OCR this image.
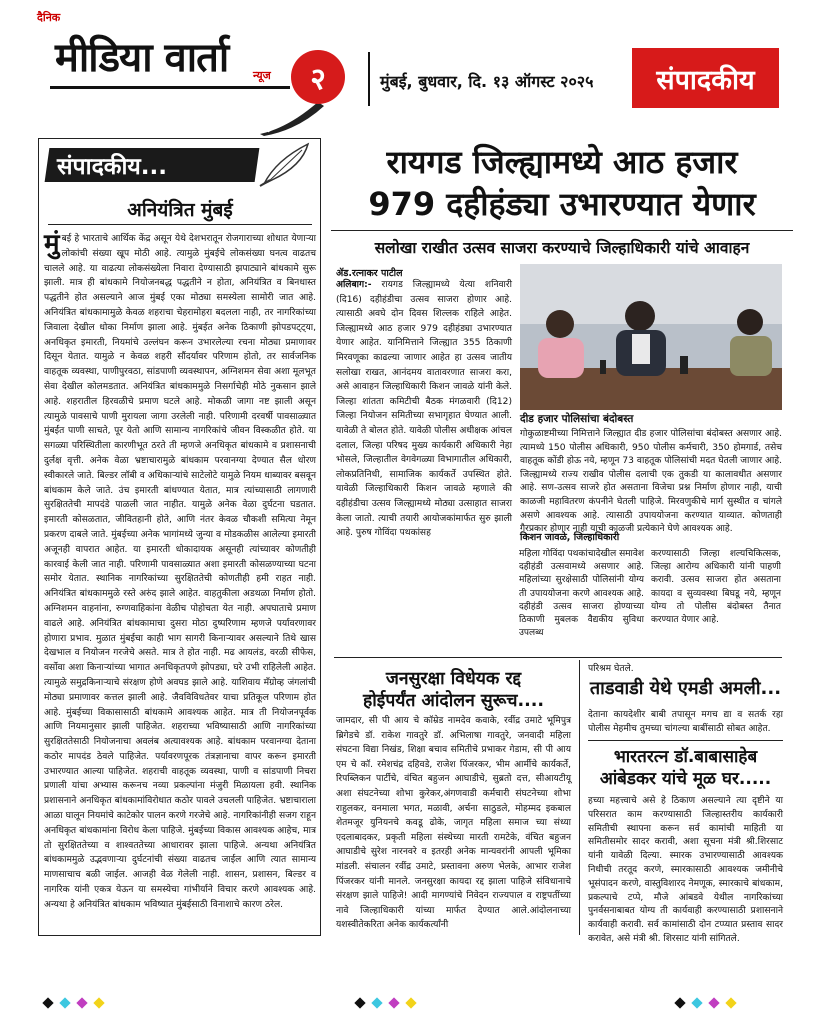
दैनिक
मीडिया वार्ता न्यूज	२	मुंबई, बुधवार, दि. १३ ऑगस्ट २०२५	संपादकीय
संपादकीय...
अनियंत्रित मुंबई
मुंबई हे भारताचे आर्थिक केंद्र असून येथे देशभरातून रोजगाराच्या शोधात येणाऱ्या लोकांची संख्या खूप मोठी आहे. त्यामुळे मुंबईचे लोकसंख्या घनत्व वाढतच चालले आहे. या वाढत्या लोकसंख्येला निवारा देण्यासाठी झपाट्याने बांधकामे सुरू झाली. मात्र ही बांधकामे नियोजनबद्ध पद्धतीने न होता, अनियंत्रित व बिनधास्त पद्धतीने होत असल्याने आज मुंबई एका मोठ्या समस्येला सामोरी जात आहे. अनियंत्रित बांधकामामुळे केवळ शहराचा चेहरामोहरा बदलला नाही, तर नागरिकांच्या जिवाला देखील धोका निर्माण झाला आहे. मुंबईत अनेक ठिकाणी झोपडपट्ट्या, अनधिकृत इमारती, नियमांचे उल्लंघन करून उभारलेल्या रचना मोठ्या प्रमाणावर दिसून येतात. यामुळे न केवळ शहरी सौंदर्यावर परिणाम होतो, तर सार्वजनिक वाहतूक व्यवस्था, पाणीपुरवठा, सांडपाणी व्यवस्थापन, अग्निशमन सेवा अशा मूलभूत सेवा देखील कोलमडतात. अनियंत्रित बांधकाममुळे निसर्गाचेही मोठे नुकसान झाले आहे. शहरातील हिरवळीचे प्रमाण घटले आहे. मोकळी जागा नष्ट झाली असून त्यामुळे पावसाचे पाणी मुरायला जागा उरलेली नाही. परिणामी दरवर्षी पावसाळ्यात मुंबईत पाणी साचते, पूर येतो आणि सामान्य नागरिकांचे जीवन विस्कळीत होते. या सगळ्या परिस्थितीला कारणीभूत ठरते ती म्हणजे अनधिकृत बांधकामे व प्रशासनाची दुर्लक्ष वृत्ती. अनेक वेळा भ्रष्टाचारामुळे बांधकाम परवानग्या देण्यात सैल धोरण स्वीकारले जाते. बिल्डर लॉबी व अधिकाऱ्यांचे साटेलोटे यामुळे नियम धाब्यावर बसवून बांधकाम केले जाते. उंच इमारती बांधण्यात येतात, मात्र त्यांच्यासाठी लागणारी सुरक्षिततेची मापदंडे पाळली जात नाहीत. यामुळे अनेक वेळा दुर्घटना घडतात. इमारती कोसळतात, जीवितहानी होते, आणि नंतर केवळ चौकशी समित्या नेमून प्रकरण दाबले जाते. मुंबईच्या अनेक भागांमध्ये जुन्या व मोडकळीस आलेल्या इमारती अजूनही वापरात आहेत. या इमारती धोकादायक असूनही त्यांच्यावर कोणतीही कारवाई केली जात नाही. परिणामी पावसाळ्यात अशा इमारती कोसळण्याच्या घटना समोर येतात. स्थानिक नागरिकांच्या सुरक्षिततेची कोणतीही हमी राहत नाही. अनियंत्रित बांधकाममुळे रस्ते अरुंद झाले आहेत. वाहतुकीला अडथळा निर्माण होतो. अग्निशमन वाहनांना, रुग्णवाहिकांना वेळीच पोहोचता येत नाही. अपघाताचे प्रमाण वाढले आहे. अनियंत्रित बांधकामाचा दुसरा मोठा दुष्परिणाम म्हणजे पर्यावरणावर होणारा प्रभाव. मुळात मुंबईचा काही भाग सागरी किनाऱ्यावर असल्याने तिथे खास देखभाल व नियोजन गरजेचे असते. मात्र ते होत नाही. मढ आयलंड, वरळी सीफेस, वर्सोवा अशा किनाऱ्यांच्या भागात अनधिकृतपणे झोपड्या, घरे उभी राहिलेली आहेत. त्यामुळे समुद्रकिनाऱ्याचे संरक्षण होणे अवघड झाले आहे. याशिवाय मँग्रोव्ह जंगलांची मोठ्या प्रमाणावर कत्तल झाली आहे. जैवविविधतेवर याचा प्रतिकूल परिणाम होत आहे. मुंबईच्या विकासासाठी बांधकामे आवश्यक आहेत. मात्र ती नियोजनपूर्वक आणि नियमानुसार झाली पाहिजेत. शहराच्या भविष्यासाठी आणि नागरिकांच्या सुरक्षिततेसाठी नियोजनाचा अवलंब अत्यावश्यक आहे. बांधकाम परवानग्या देताना कठोर मापदंड ठेवले पाहिजेत. पर्यावरणपूरक तंत्रज्ञानाचा वापर करून इमारती उभारण्यात आल्या पाहिजेत. शहराची वाहतूक व्यवस्था, पाणी व सांडपाणी निचरा प्रणाली यांचा अभ्यास करूनच नव्या प्रकल्पांना मंजुरी मिळायला हवी. स्थानिक प्रशासनाने अनधिकृत बांधकामांविरोधात कठोर पावले उचलली पाहिजेत. भ्रष्टाचाराला आळा घालून नियमांचे काटेकोर पालन करणे गरजेचे आहे. नागरिकांनीही सजग राहून अनधिकृत बांधकामांना विरोध केला पाहिजे. मुंबईच्या विकास आवश्यक आहेच, मात्र तो सुरक्षिततेच्या व शाश्वततेच्या आधारावर झाला पाहिजे. अन्यथा अनियंत्रित बांधकाममुळे उद्भवणाऱ्या दुर्घटनांची संख्या वाढतच जाईल आणि त्यात सामान्य माणसाचाच बळी जाईल. आजही वेळ गेलेली नाही. शासन, प्रशासन, बिल्डर व नागरिक यांनी एकत्र येऊन या समस्येचा गांभीर्याने विचार करणे आवश्यक आहे. अन्यथा हे अनियंत्रित बांधकाम भविष्यात मुंबईसाठी विनाशाचे कारण ठरेल.
रायगड जिल्ह्यामध्ये आठ हजार
979 दहीहंड्या उभारण्यात येणार
सलोखा राखीत उत्सव साजरा करण्याचे जिल्हाधिकारी यांचे आवाहन
ॲड.रत्नाकर पाटील
अलिबाग:- रायगड जिल्ह्यामध्ये येत्या शनिवारी (दि16) दहीहंडीचा उत्सव साजरा होणार आहे. त्यासाठी अवघे दोन दिवस शिल्लक राहिले आहेत. जिल्ह्यामध्ये आठ हजार 979 दहीहंड्या उभारण्यात येणार आहेत. यानिमित्ताने जिल्ह्यात 355 ठिकाणी मिरवणूका काढल्या जाणार आहेत हा उत्सव जातीय सलोखा राखत, आनंदमय वातावरणात साजरा करा, असे आवाहन जिल्हाधिकारी किशन जावळे यांनी केले. जिल्हा शांतता कमिटीची बैठक मंगळवारी (दि12) जिल्हा नियोजन समितीच्या सभागृहात घेण्यात आली. यावेळी ते बोलत होते. यावेळी पोलीस अधीक्षक आंचल दलाल, जिल्हा परिषद मुख्य कार्यकारी अधिकारी नेहा भोसले, जिल्हातील वेगवेगळ्या विभागातील अधिकारी, लोकप्रतिनिधी, सामाजिक कार्यकर्ते उपस्थित होते. यावेळी जिल्हाधिकारी किशन जावळे म्हणाले की दहीहंडीचा उत्सव जिल्ह्यामध्ये मोठ्या उत्साहात साजरा केला जातो. त्याची तयारी आयोजकांमार्फत सुरु झाली आहे. पुरुष गोविंदा पथकांसह
दीड हजार पोलिसांचा बंदोबस्त
गोकुळाष्टमीच्या निमित्ताने जिल्ह्यात दीड हजार पोलिसांचा बंदोबस्त असणार आहे. त्यामध्ये 150 पोलीस अधिकारी, 950 पोलीस कर्मचारी, 350 होमगार्ड, तसेच वाहतूक कोंडी होऊ नये, म्हणून 73 वाहतूक पोलिसांची मदत घेतली जाणार आहे. जिल्ह्यामध्ये राज्य राखीव पोलीस दलाची एक तुकडी या कालावधीत असणार आहे. सण-उत्सव साजरे होत असताना विजेचा प्रश्न निर्माण होणार नाही, याची काळजी महावितरण कंपनीने घेतली पाहिजे. मिरवणुकीचे मार्ग सुस्थीत व चांगले असणे आवश्यक आहे. त्यासाठी उपाययोजना करण्यात याव्यात. कोणताही गैरप्रकार होणार नाही याची काळजी प्रत्येकाने घेणे आवश्यक आहे.
किशन जावळे, जिल्हाधिकारी
महिला गोविंदा पथकांचादेखील समावेश दहीहंडी उत्सवामध्ये असणार आहे. महिलांच्या सुरक्षेसाठी पोलिसांनी योग्य ती उपाययोजना करणे आवश्यक आहे. दहीहंडी उत्सव साजरा होण्याच्या ठिकाणी मुबलक वैद्यकीय सुविधा उपलब्ध
करण्यासाठी जिल्हा शल्यचिकित्सक, जिल्हा आरोग्य अधिकारी यांनी पाहणी करावी. उत्सव साजरा होत असताना कायदा व सुव्यवस्था बिघडू नये, म्हणून योग्य तो पोलीस बंदोबस्त तैनात करण्यात येणार आहे.
जनसुरक्षा विधेयक रद्द
होईपर्यंत आंदोलन सुरूच....
जामदार, सी पी आय चे कॉम्रेड नामदेव कवाके, रवींद्र उमाटे भूमिपुत्र ब्रिगेडचे डॉ. राकेश गावतुरे डॉ. अभिलाषा गावतुरे, जनवादी महिला संघटना विद्या निखंड, शिक्षा बचाव समितीचे प्रभाकर गेडाम, सी पी आय एम चे कॉ. रमेशचंद्र दहिवडे, राजेश पिंजरकर, भीम आर्मीचे कार्यकर्ते, रिपब्लिकन पार्टीचे, वंचित बहुजन आघाडीचे, सुब्रतो दत्त, सीआयटीयू अशा संघटनेच्या शोभा कुरेकर,अंगणवाडी कर्मचारी संघटनेच्या शोभा राहुलकर, वनमाला भगत, मळावी, अर्चना साठुडले, मोहम्मद इकबाल शेतमजूर युनियनचे कवडू ढोके, जागृत महिला समाज च्या संध्या एदलाबादकर, प्रकृती महिला संस्थेच्या मारती रामटेके, वंचित बहुजन आघाडीचे सुरेश नारनवरे व इतरही अनेक मान्यवरांनी आपली भूमिका मांडली. संचालन रवींद्र उमाटे, प्रस्तावना अरुण भेलके, आभार राजेश पिंजरकर यांनी मानले. जनसुरक्षा कायदा रद्द झाला पाहिजे संविधानाचे संरक्षण झाले पाहिजे! आदी मागण्यांचे निवेदन राज्यपाल व राष्ट्रपतींच्या नावे जिल्हाधिकारी यांच्या मार्फत देण्यात आले.आंदोलनाच्या यशस्वीतेकरिता अनेक कार्यकर्त्यांनी
परिश्रम घेतले.
ताडवाडी येथे एमडी अमली...
देताना कायदेशीर बाबी तपासून मगच द्या व सतर्क रहा पोलीस मेहमीच तुमच्या चांगल्या बाबींसाठी सोबत आहेत.
भारतरत्न डॉ.बाबासाहेब
आंबेडकर यांचे मूळ घर.....
हच्या महत्त्वाचे असे हे ठिकाण असल्याने त्या दृष्टीने या परिसरात काम करण्यासाठी जिल्हास्तरीय कार्यकारी समितीची स्थापना करून सर्व कामांची माहिती या समितीसमोर सादर करावी, अशा सूचना मंत्री श्री.शिरसाट यांनी यावेळी दिल्या. स्मारक उभारण्यासाठी आवश्यक निधीची तरतूद करणे, स्मारकासाठी आवश्यक जमीनीचे भूसंपादन करणे, वास्तुविशारद नेमणूक, स्मारकाचे बांधकाम, प्रकल्पाचे टप्पे, मौजे आंबडवे येथील नागरिकांच्या पुनर्वसनाबाबत योग्य ती कार्यवाही करण्यासाठी प्रशासनाने कार्यवाही करावी. सर्व कामांसाठी दोन टप्प्यात प्रस्ताव सादर करावेत, असे मंत्री श्री. शिरसाट यांनी सांगितले.
